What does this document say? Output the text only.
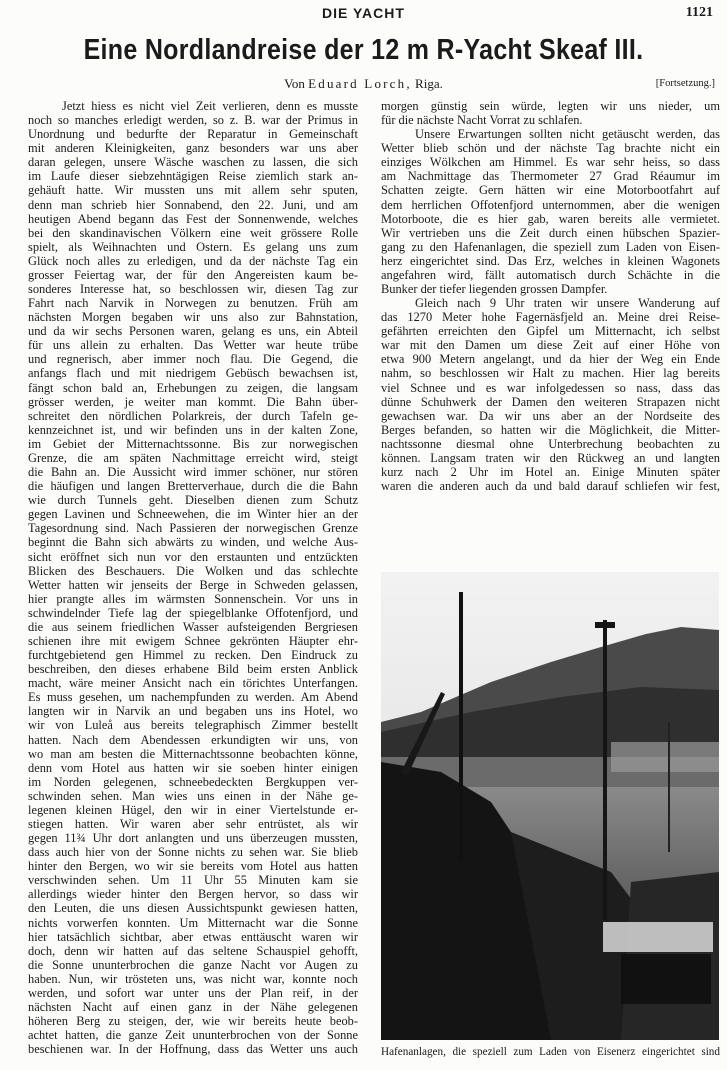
DIE YACHT	1121
Eine Nordlandreise der 12 m R-Yacht Skeaf III.
Von Eduard Lorch, Riga.	[Fortsetzung.]
Jetzt hiess es nicht viel Zeit verlieren, denn es musste
noch so manches erledigt werden, so z. B. war der Primus in
Unordnung und bedurfte der Reparatur in Gemeinschaft
mit anderen Kleinigkeiten, ganz besonders war uns aber
daran gelegen, unsere Wäsche waschen zu lassen, die sich
im Laufe dieser siebzehntägigen Reise ziemlich stark an-
gehäuft hatte. Wir mussten uns mit allem sehr sputen,
denn man schrieb hier Sonnabend, den 22. Juni, und am
heutigen Abend begann das Fest der Sonnenwende, welches
bei den skandinavischen Völkern eine weit grössere Rolle
spielt, als Weihnachten und Ostern. Es gelang uns zum
Glück noch alles zu erledigen, und da der nächste Tag ein
grosser Feiertag war, der für den Angereisten kaum be-
sonderes Interesse hat, so beschlossen wir, diesen Tag zur
Fahrt nach Narvik in Norwegen zu benutzen. Früh am
nächsten Morgen begaben wir uns also zur Bahnstation,
und da wir sechs Personen waren, gelang es uns, ein Abteil
für uns allein zu erhalten. Das Wetter war heute trübe
und regnerisch, aber immer noch flau. Die Gegend, die
anfangs flach und mit niedrigem Gebüsch bewachsen ist,
fängt schon bald an, Erhebungen zu zeigen, die langsam
grösser werden, je weiter man kommt. Die Bahn über-
schreitet den nördlichen Polarkreis, der durch Tafeln ge-
kennzeichnet ist, und wir befinden uns in der kalten Zone,
im Gebiet der Mitternachtssonne. Bis zur norwegischen
Grenze, die am späten Nachmittage erreicht wird, steigt
die Bahn an. Die Aussicht wird immer schöner, nur stören
die häufigen und langen Bretterverhaue, durch die die Bahn
wie durch Tunnels geht. Dieselben dienen zum Schutz
gegen Lavinen und Schneewehen, die im Winter hier an der
Tagesordnung sind. Nach Passieren der norwegischen Grenze
beginnt die Bahn sich abwärts zu winden, und welche Aus-
sicht eröffnet sich nun vor den erstaunten und entzückten
Blicken des Beschauers. Die Wolken und das schlechte
Wetter hatten wir jenseits der Berge in Schweden gelassen,
hier prangte alles im wärmsten Sonnenschein. Vor uns in
schwindelnder Tiefe lag der spiegelblanke Offotenfjord, und
die aus seinem friedlichen Wasser aufsteigenden Bergriesen
schienen ihre mit ewigem Schnee gekrönten Häupter ehr-
furchtgebietend gen Himmel zu recken. Den Eindruck zu
beschreiben, den dieses erhabene Bild beim ersten Anblick
macht, wäre meiner Ansicht nach ein törichtes Unterfangen.
Es muss gesehen, um nachempfunden zu werden. Am Abend
langten wir in Narvik an und begaben uns ins Hotel, wo
wir von Luleå aus bereits telegraphisch Zimmer bestellt
hatten. Nach dem Abendessen erkundigten wir uns, von
wo man am besten die Mitternachtssonne beobachten könne,
denn vom Hotel aus hatten wir sie soeben hinter einigen
im Norden gelegenen, schneebedeckten Bergkuppen ver-
schwinden sehen. Man wies uns einen in der Nähe ge-
legenen kleinen Hügel, den wir in einer Viertelstunde er-
stiegen hatten. Wir waren aber sehr entrüstet, als wir
gegen 11¾ Uhr dort anlangten und uns überzeugen mussten,
dass auch hier von der Sonne nichts zu sehen war. Sie blieb
hinter den Bergen, wo wir sie bereits vom Hotel aus hatten
verschwinden sehen. Um 11 Uhr 55 Minuten kam sie
allerdings wieder hinter den Bergen hervor, so dass wir
den Leuten, die uns diesen Aussichtspunkt gewiesen hatten,
nichts vorwerfen konnten. Um Mitternacht war die Sonne
hier tatsächlich sichtbar, aber etwas enttäuscht waren wir
doch, denn wir hatten auf das seltene Schauspiel gehofft,
die Sonne ununterbrochen die ganze Nacht vor Augen zu
haben. Nun, wir trösteten uns, was nicht war, konnte noch
werden, und sofort war unter uns der Plan reif, in der
nächsten Nacht auf einen ganz in der Nähe gelegenen
höheren Berg zu steigen, der, wie wir bereits heute beob-
achtet hatten, die ganze Zeit ununterbrochen von der Sonne
beschienen war. In der Hoffnung, dass das Wetter uns auch
morgen günstig sein würde, legten wir uns nieder, um
für die nächste Nacht Vorrat zu schlafen.
Unsere Erwartungen sollten nicht getäuscht werden, das
Wetter blieb schön und der nächste Tag brachte nicht ein
einziges Wölkchen am Himmel. Es war sehr heiss, so dass
am Nachmittage das Thermometer 27 Grad Réaumur im
Schatten zeigte. Gern hätten wir eine Motorbootfahrt auf
dem herrlichen Offotenfjord unternommen, aber die wenigen
Motorboote, die es hier gab, waren bereits alle vermietet.
Wir vertrieben uns die Zeit durch einen hübschen Spazier-
gang zu den Hafenanlagen, die speziell zum Laden von Eisen-
herz eingerichtet sind. Das Erz, welches in kleinen Wagonets
angefahren wird, fällt automatisch durch Schächte in die
Bunker der tiefer liegenden grossen Dampfer.
Gleich nach 9 Uhr traten wir unsere Wanderung auf
das 1270 Meter hohe Fagernäsfjeld an. Meine drei Reise-
gefährten erreichten den Gipfel um Mitternacht, ich selbst
war mit den Damen um diese Zeit auf einer Höhe von
etwa 900 Metern angelangt, und da hier der Weg ein Ende
nahm, so beschlossen wir Halt zu machen. Hier lag bereits
viel Schnee und es war infolgedessen so nass, dass das
dünne Schuhwerk der Damen den weiteren Strapazen nicht
gewachsen war. Da wir uns aber an der Nordseite des
Berges befanden, so hatten wir die Möglichkeit, die Mitter-
nachtssonne diesmal ohne Unterbrechung beobachten zu
können. Langsam traten wir den Rückweg an und langten
kurz nach 2 Uhr im Hotel an. Einige Minuten später
waren die anderen auch da und bald darauf schliefen wir fest,
Hafenanlagen, die speziell zum Laden von Eisenerz eingerichtet sind
